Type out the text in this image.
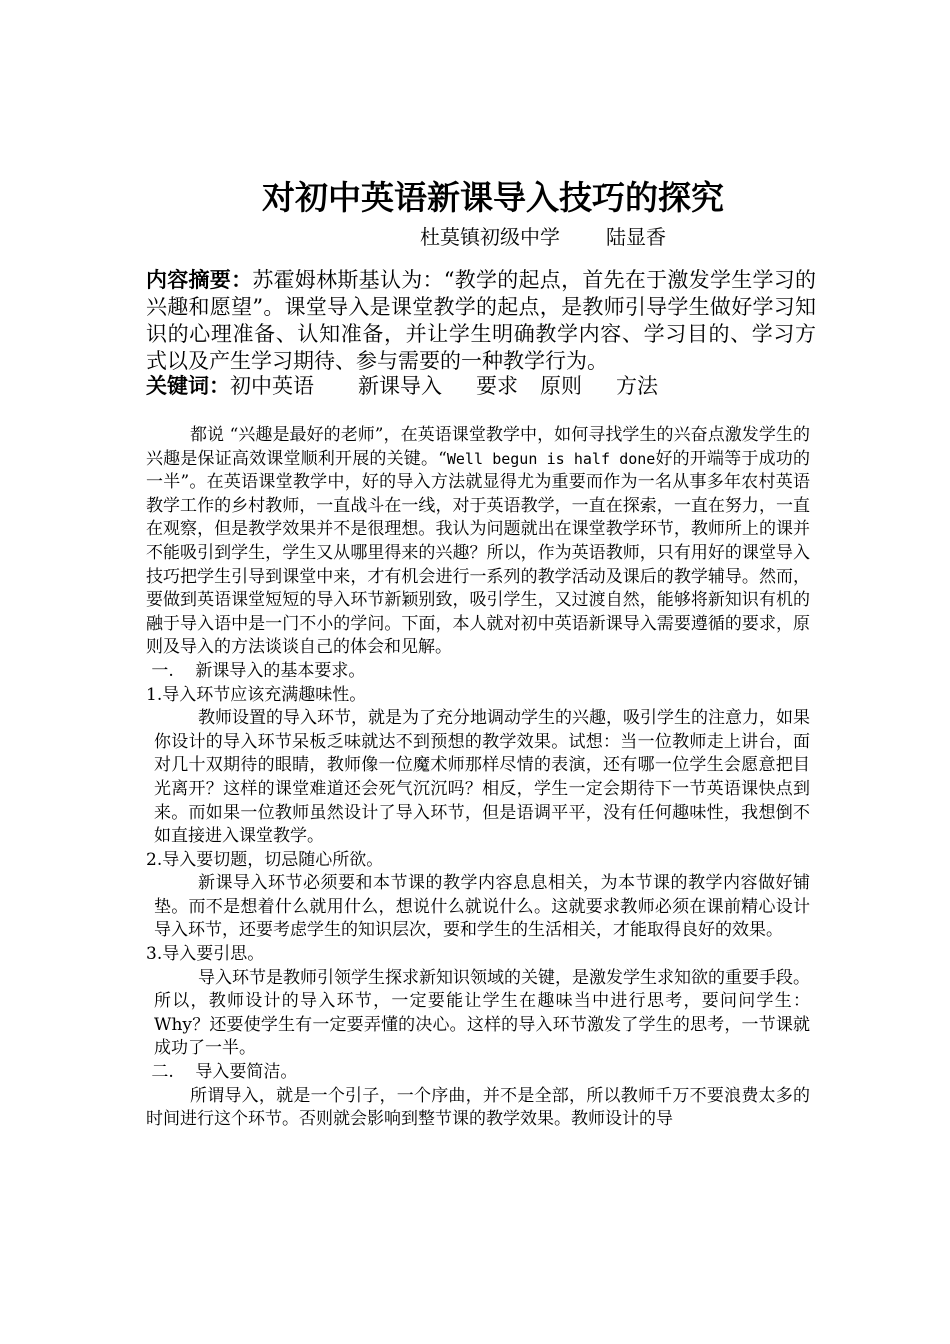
对初中英语新课导入技巧的探究
杜莫镇初级中学 陆显香
内容摘要：苏霍姆林斯基认为：“教学的起点，首先在于激发学生学习的兴趣和愿望”。课堂导入是课堂教学的起点，是教师引导学生做好学习知识的心理准备、认知准备，并让学生明确教学内容、学习目的、学习方式以及产生学习期待、参与需要的一种教学行为。
关键词：初中英语 新课导入 要求 原则 方法

都说 “兴趣是最好的老师”，在英语课堂教学中，如何寻找学生的兴奋点激发学生的兴趣是保证高效课堂顺利开展的关键。“Well begun is half done好的开端等于成功的一半”。在英语课堂教学中，好的导入方法就显得尤为重要而作为一名从事多年农村英语教学工作的乡村教师，一直战斗在一线，对于英语教学，一直在探索，一直在努力，一直在观察，但是教学效果并不是很理想。我认为问题就出在课堂教学环节，教师所上的课并不能吸引到学生，学生又从哪里得来的兴趣？所以，作为英语教师，只有用好的课堂导入技巧把学生引导到课堂中来，才有机会进行一系列的教学活动及课后的教学辅导。然而，要做到英语课堂短短的导入环节新颖别致，吸引学生，又过渡自然，能够将新知识有机的融于导入语中是一门不小的学问。下面，本人就对初中英语新课导入需要遵循的要求，原则及导入的方法谈谈自己的体会和见解。

一.    新课导入的基本要求。

1.导入环节应该充满趣味性。

教师设置的导入环节，就是为了充分地调动学生的兴趣，吸引学生的注意力，如果你设计的导入环节呆板乏味就达不到预想的教学效果。试想：当一位教师走上讲台，面对几十双期待的眼睛，教师像一位魔术师那样尽情的表演，还有哪一位学生会愿意把目光离开？这样的课堂难道还会死气沉沉吗？相反，学生一定会期待下一节英语课快点到来。而如果一位教师虽然设计了导入环节，但是语调平平，没有任何趣味性，我想倒不如直接进入课堂教学。

2.导入要切题，切忌随心所欲。

新课导入环节必须要和本节课的教学内容息息相关，为本节课的教学内容做好铺垫。而不是想着什么就用什么，想说什么就说什么。这就要求教师必须在课前精心设计导入环节，还要考虑学生的知识层次，要和学生的生活相关，才能取得良好的效果。

3.导入要引思。

导入环节是教师引领学生探求新知识领域的关键，是激发学生求知欲的重要手段。所以，教师设计的导入环节，一定要能让学生在趣味当中进行思考，要问问学生：Why？还要使学生有一定要弄懂的决心。这样的导入环节激发了学生的思考，一节课就成功了一半。

二.    导入要简洁。

所谓导入，就是一个引子，一个序曲，并不是全部，所以教师千万不要浪费太多的时间进行这个环节。否则就会影响到整节课的教学效果。教师设计的导
